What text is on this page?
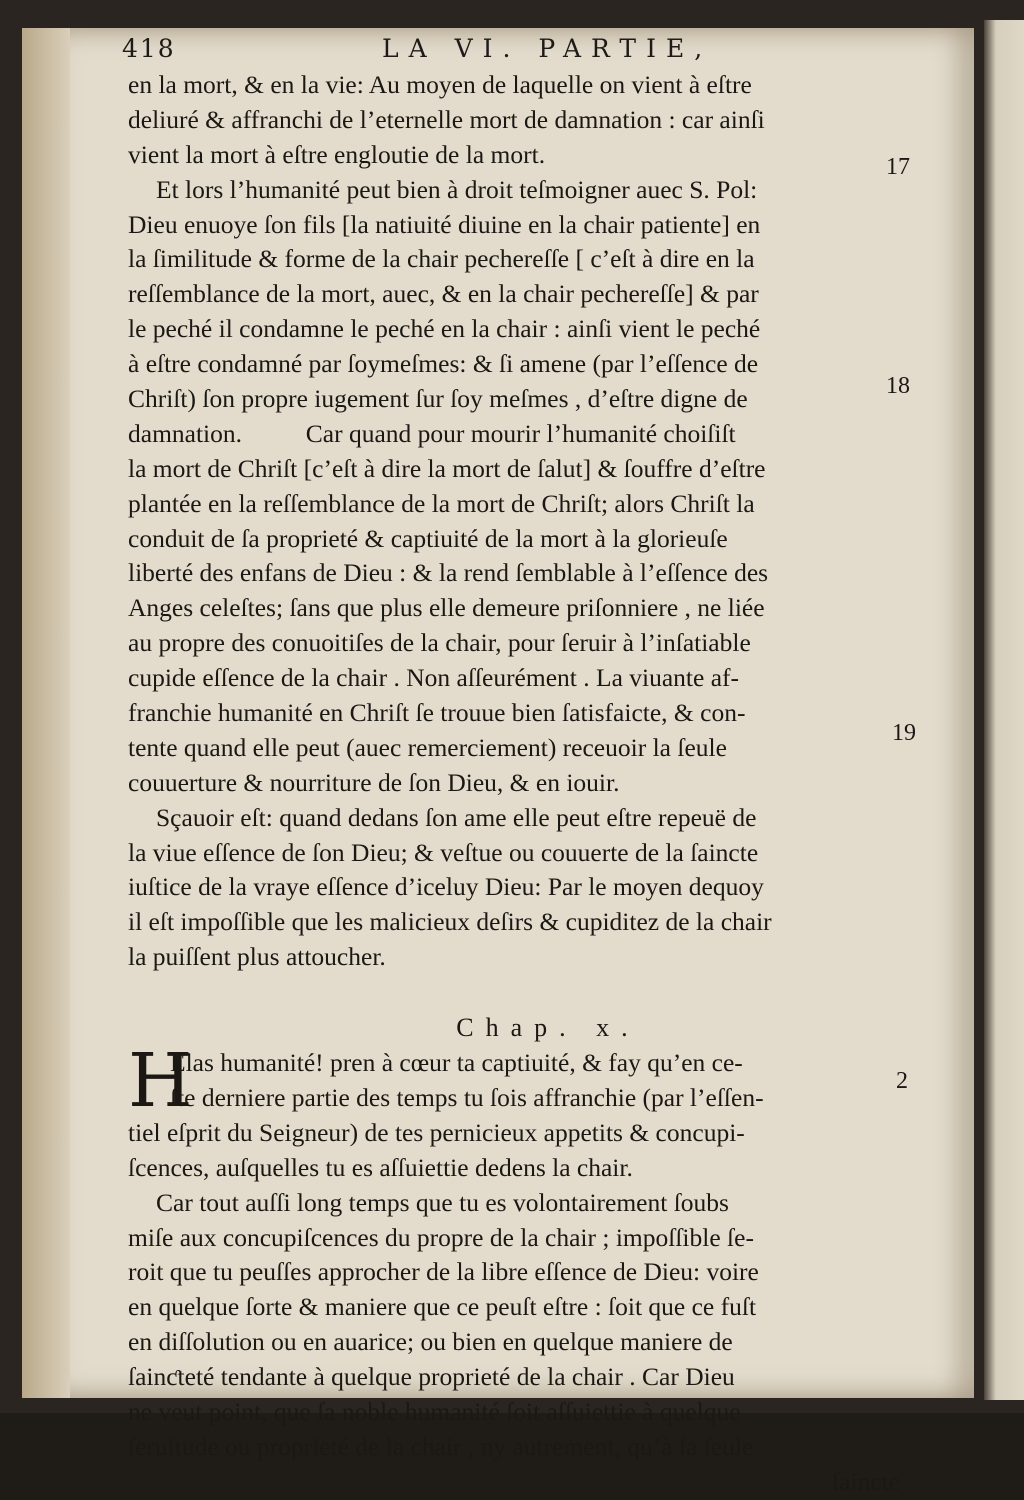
418	LA VI. PARTIE,
en la mort, & en la vie: Au moyen de laquelle on vient à eſtre
deliuré & affranchi de l’eternelle mort de damnation : car ainſi
vient la mort à eſtre engloutie de la mort.
Et lors l’humanité peut bien à droit teſmoigner auec S. Pol:
Dieu enuoye ſon fils [la natiuité diuine en la chair patiente] en
la ſimilitude & forme de la chair pechereſſe [ c’eſt à dire en la
reſſemblance de la mort, auec, & en la chair pechereſſe] & par
le peché il condamne le peché en la chair : ainſi vient le peché
à eſtre condamné par ſoymeſmes: & ſi amene (par l’eſſence de
Chriſt) ſon propre iugement ſur ſoy meſmes , d’eſtre digne de
damnation.          Car quand pour mourir l’humanité choiſiſt
la mort de Chriſt [c’eſt à dire la mort de ſalut] & ſouffre d’eſtre
plantée en la reſſemblance de la mort de Chriſt; alors Chriſt la
conduit de ſa proprieté & captiuité de la mort à la glorieuſe
liberté des enfans de Dieu : & la rend ſemblable à l’eſſence des
Anges celeſtes; ſans que plus elle demeure priſonniere , ne liée
au propre des conuoitiſes de la chair, pour ſeruir à l’inſatiable
cupide eſſence de la chair . Non aſſeurément . La viuante af-
franchie humanité en Chriſt ſe trouue bien ſatisfaicte, & con-
tente quand elle peut (auec remerciement) receuoir la ſeule
couuerture & nourriture de ſon Dieu, & en iouir.
Sçauoir eſt: quand dedans ſon ame elle peut eſtre repeuë de
la viue eſſence de ſon Dieu; & veſtue ou couuerte de la ſaincte
iuſtice de la vraye eſſence d’iceluy Dieu: Par le moyen dequoy
il eſt impoſſible que les malicieux deſirs & cupiditez de la chair
la puiſſent plus attoucher.
Chap. x.
H
Elas humanité! pren à cœur ta captiuité, & fay qu’en ce-
ſte derniere partie des temps tu ſois affranchie (par l’eſſen-
tiel eſprit du Seigneur) de tes pernicieux appetits & concupi-
ſcences, auſquelles tu es aſſuiettie dedens la chair.
Car tout auſſi long temps que tu es volontairement ſoubs
miſe aux concupiſcences du propre de la chair ; impoſſible ſe-
roit que tu peuſſes approcher de la libre eſſence de Dieu: voire
en quelque ſorte & maniere que ce peuſt eſtre : ſoit que ce fuſt
en diſſolution ou en auarice; ou bien en quelque maniere de
ſainƈteté tendante à quelque proprieté de la chair . Car Dieu
ne veut point, que ſa noble humanité ſoit aſſuiettie à quelque
ſeruitude ou proprieté de la chair , ny autrement, qu’à ſa ſeule
ſaincte
17
18
19
2
